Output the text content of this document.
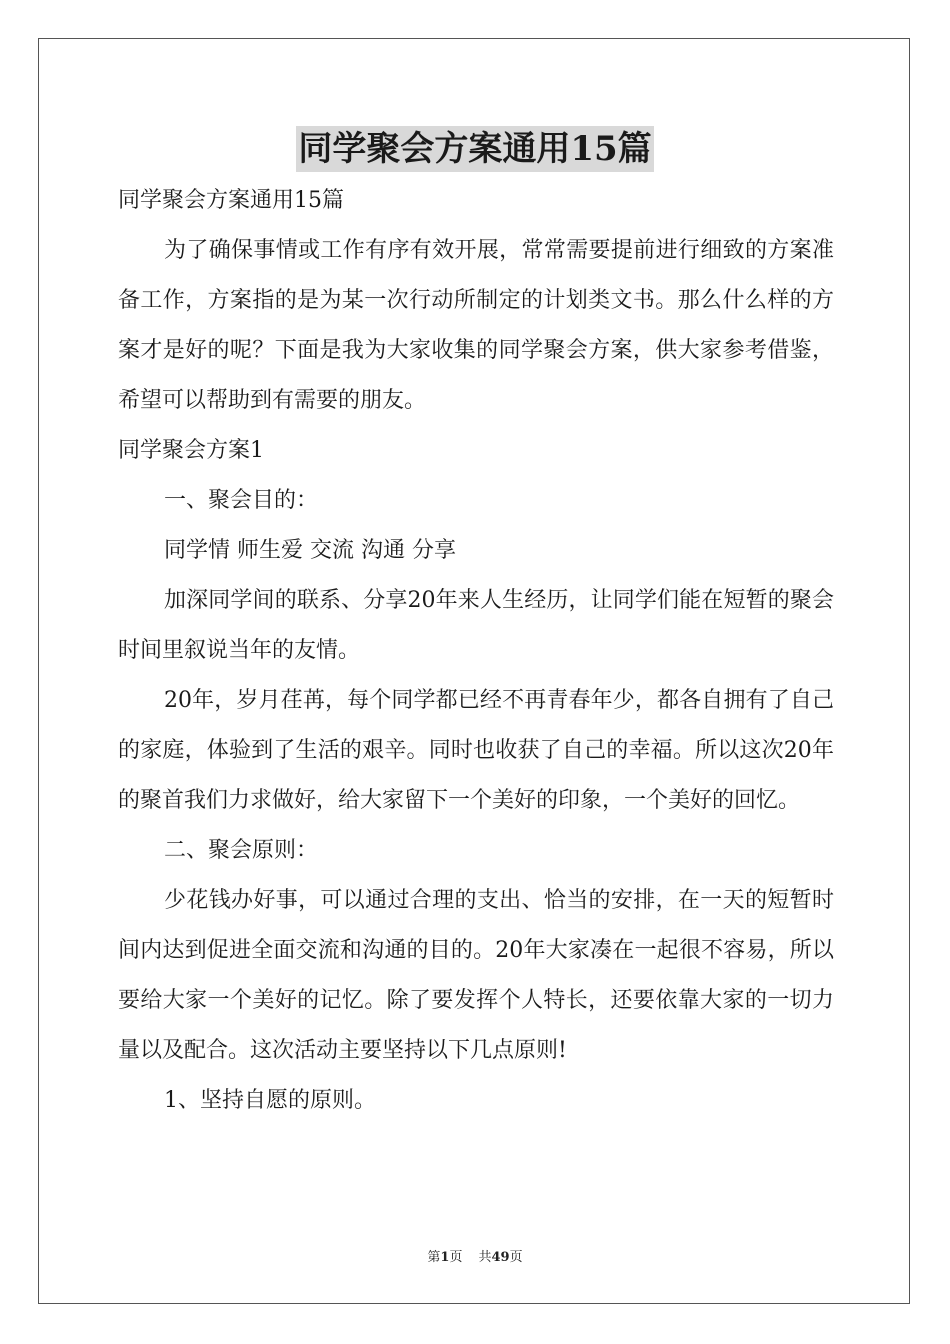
同学聚会方案通用15篇

同学聚会方案通用15篇

为了确保事情或工作有序有效开展，常常需要提前进行细致的方案准备工作，方案指的是为某一次行动所制定的计划类文书。那么什么样的方案才是好的呢？下面是我为大家收集的同学聚会方案，供大家参考借鉴，希望可以帮助到有需要的朋友。

同学聚会方案1

一、聚会目的：

同学情 师生爱 交流 沟通 分享

加深同学间的联系、分享20年来人生经历，让同学们能在短暂的聚会时间里叙说当年的友情。

20年，岁月荏苒，每个同学都已经不再青春年少，都各自拥有了自己的家庭，体验到了生活的艰辛。同时也收获了自己的幸福。所以这次20年的聚首我们力求做好，给大家留下一个美好的印象，一个美好的回忆。

二、聚会原则：

少花钱办好事，可以通过合理的支出、恰当的安排，在一天的短暂时间内达到促进全面交流和沟通的目的。20年大家凑在一起很不容易，所以要给大家一个美好的记忆。除了要发挥个人特长，还要依靠大家的一切力量以及配合。这次活动主要坚持以下几点原则!

1、坚持自愿的原则。

第1页 共49页
